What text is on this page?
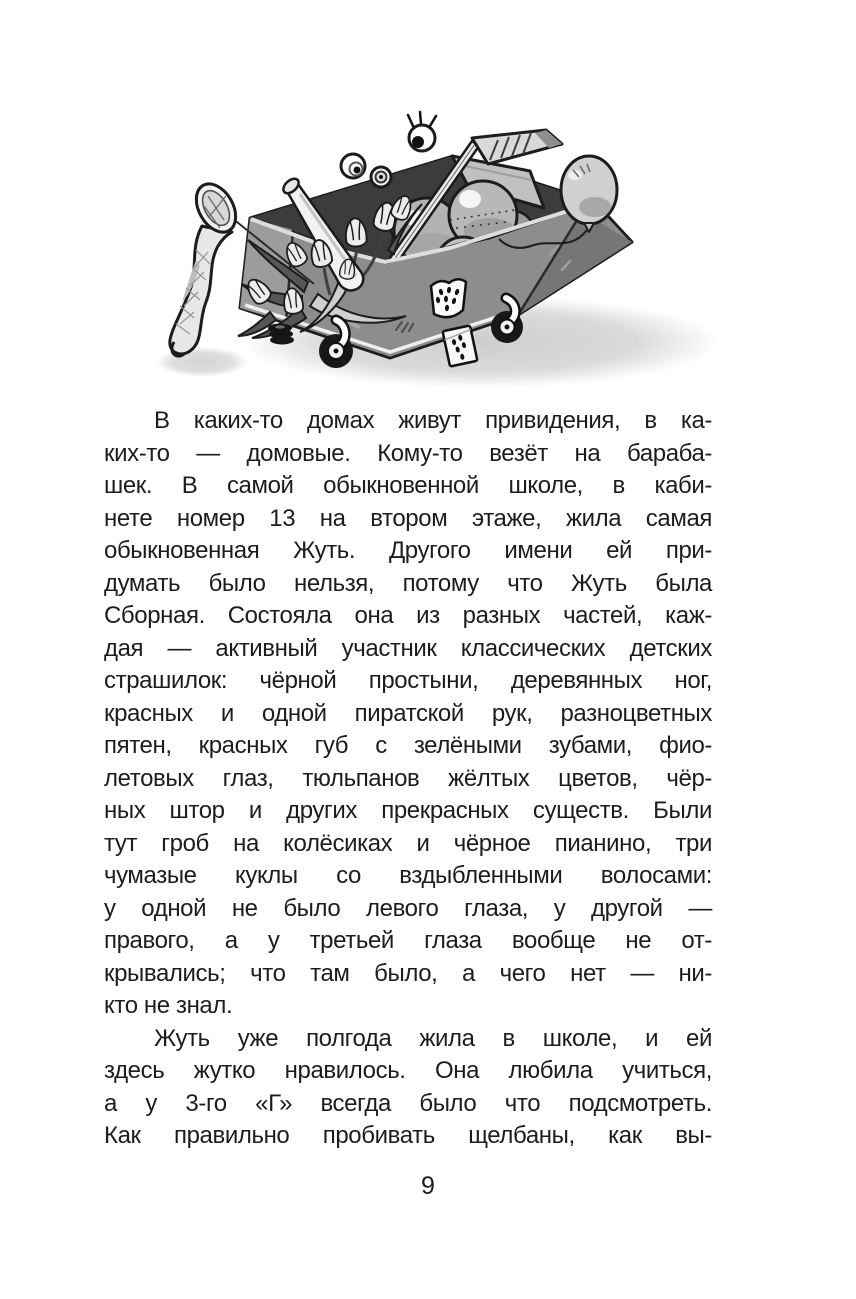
В каких-то домах живут привидения, в ка-
ких-то — домовые. Кому-то везёт на бараба-
шек. В самой обыкновенной школе, в каби-
нете номер 13 на втором этаже, жила самая
обыкновенная Жуть. Другого имени ей при-
думать было нельзя, потому что Жуть была
Сборная. Состояла она из разных частей, каж-
дая — активный участник классических детских
страшилок: чёрной простыни, деревянных ног,
красных и одной пиратской рук, разноцветных
пятен, красных губ с зелёными зубами, фио-
летовых глаз, тюльпанов жёлтых цветов, чёр-
ных штор и других прекрасных существ. Были
тут гроб на колёсиках и чёрное пианино, три
чумазые куклы со вздыбленными волосами:
у одной не было левого глаза, у другой —
правого, а у третьей глаза вообще не от-
крывались; что там было, а чего нет — ни-
кто не знал.
Жуть уже полгода жила в школе, и ей
здесь жутко нравилось. Она любила учиться,
а у 3-го «Г» всегда было что подсмотреть.
Как правильно пробивать щелбаны, как вы-
9
